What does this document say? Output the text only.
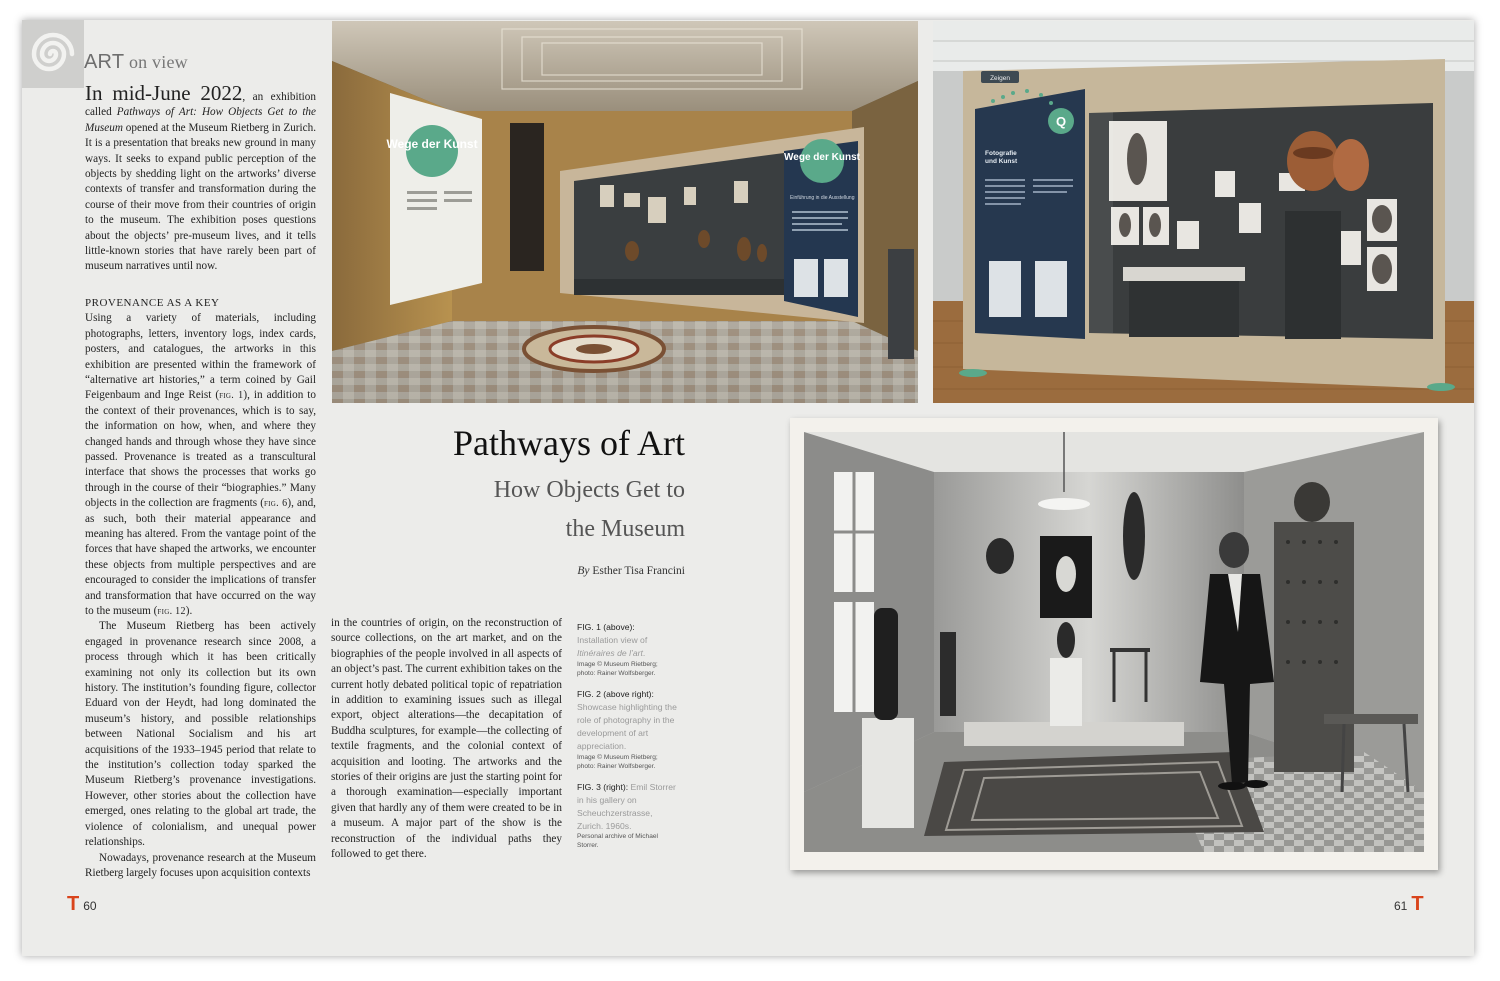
ART on view

In mid-June 2022, an exhibition called Pathways of Art: How Objects Get to the Museum opened at the Museum Rietberg in Zurich. It is a presentation that breaks new ground in many ways. It seeks to expand public perception of the objects by shedding light on the artworks’ diverse contexts of transfer and transformation during the course of their move from their countries of origin to the museum. The exhibition poses questions about the objects’ pre-museum lives, and it tells little-known stories that have rarely been part of museum narratives until now.

PROVENANCE AS A KEY

Using a variety of materials, including photographs, letters, inventory logs, index cards, posters, and catalogues, the artworks in this exhibition are presented within the framework of “alternative art histories,” a term coined by Gail Feigenbaum and Inge Reist (fig. 1), in addition to the context of their provenances, which is to say, the information on how, when, and where they changed hands and through whose they have since passed. Provenance is treated as a transcultural interface that shows the processes that works go through in the course of their “biographies.” Many objects in the collection are fragments (fig. 6), and, as such, both their material appearance and meaning has altered. From the vantage point of the forces that have shaped the artworks, we encounter these objects from multiple perspectives and are encouraged to consider the implications of transfer and transformation that have occurred on the way to the museum (fig. 12).

The Museum Rietberg has been actively engaged in provenance research since 2008, a process through which it has been critically examining not only its collection but its own history. The institution’s founding figure, collector Eduard von der Heydt, had long dominated the museum’s history, and possible relationships between National Socialism and his art acquisitions of the 1933–1945 period that relate to the institution’s collection today sparked the Museum Rietberg’s provenance investigations. However, other stories about the collection have emerged, ones relating to the global art trade, the violence of colonialism, and unequal power relationships.

Nowadays, provenance research at the Museum Rietberg largely focuses upon acquisition contexts

in the countries of origin, on the reconstruction of source collections, on the art market, and on the biographies of the people involved in all aspects of an object’s past. The current exhibition takes on the current hotly debated political topic of repatriation in addition to examining issues such as illegal export, object alterations—the decapitation of Buddha sculptures, for example—the collecting of textile fragments, and the colonial context of acquisition and looting. The artworks and the stories of their origins are just the starting point for a thorough examination—especially important given that hardly any of them were created to be in a museum. A major part of the show is the reconstruction of the individual paths they followed to get there.

Wege der Kunst
Wege der Kunst
Einführung in die Ausstellung
Q
Fotografie
und Kunst
Zeigen
Pathways of Art
How Objects Get to
the Museum
By Esther Tisa Francini
FIG. 1 (above): Installation view of Itinéraires de l’art.
Image © Museum Rietberg;
photo: Rainer Wolfsberger.
FIG. 2 (above right): Showcase highlighting the role of photography in the development of art appreciation.
Image © Museum Rietberg;
photo: Rainer Wolfsberger.
FIG. 3 (right): Emil Storrer in his gallery on Scheuchzerstrasse, Zurich. 1960s.
Personal archive of Michael Storrer.
T 60	61 T
